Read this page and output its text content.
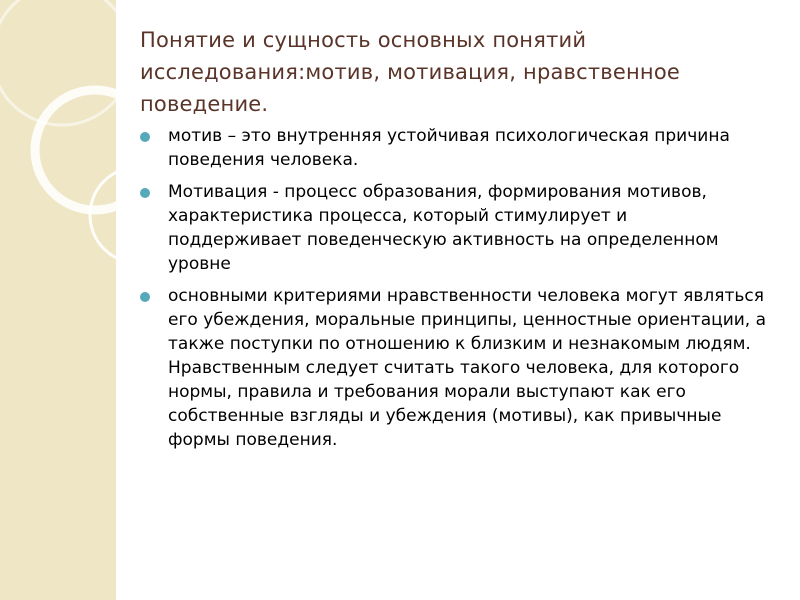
Понятие и сущность основных понятий исследования:мотив, мотивация, нравственное поведение.
мотив – это внутренняя устойчивая психологическая причина поведения человека.
Мотивация - процесс образования, формирования мотивов, характеристика процесса, который стимулирует и поддерживает поведенческую активность на определенном уровне
основными критериями нравственности человека могут являться его убеждения, моральные принципы, ценностные ориентации, а также поступки по отношению к близким и незнакомым людям. Нравственным следует считать такого человека, для которого нормы, правила и требования морали выступают как его собственные взгляды и убеждения (мотивы), как привычные формы поведения.
